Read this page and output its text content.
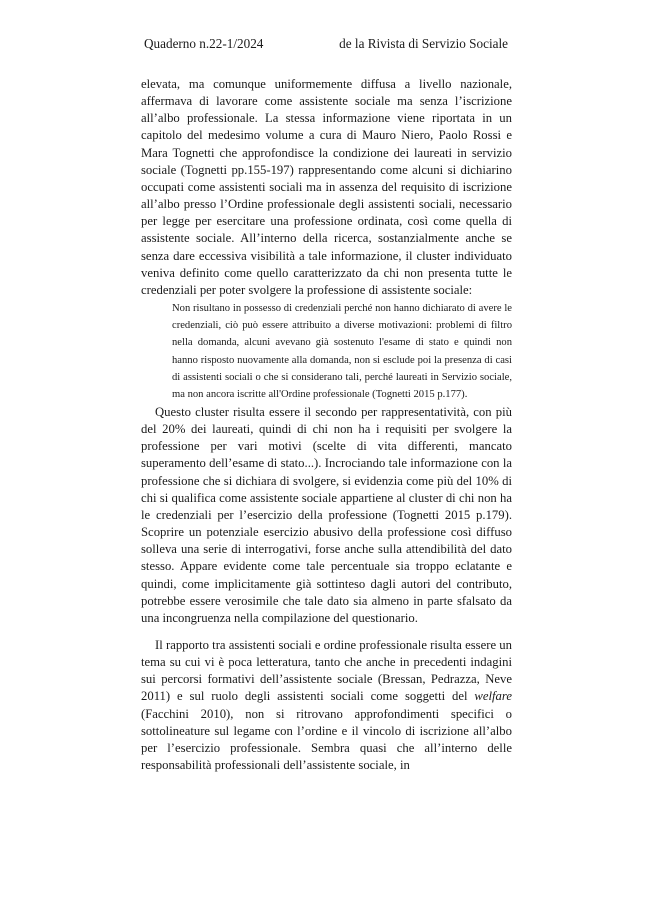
Quaderno n.22-1/2024	de la Rivista di Servizio Sociale

elevata, ma comunque uniformemente diffusa a livello nazionale, affermava di lavorare come assistente sociale ma senza l’iscrizione all’albo professionale. La stessa informazione viene riportata in un capitolo del medesimo volume a cura di Mauro Niero, Paolo Rossi e Mara Tognetti che approfondisce la condizione dei laureati in servizio sociale (Tognetti pp.155-197) rappresentando come alcuni si dichiarino occupati come assistenti sociali ma in assenza del requisito di iscrizione all’albo presso l’Ordine professionale degli assistenti sociali, necessario per legge per esercitare una professione ordinata, così come quella di assistente sociale. All’interno della ricerca, sostanzialmente anche se senza dare eccessiva visibilità a tale informazione, il cluster individuato veniva definito come quello caratterizzato da chi non presenta tutte le credenziali per poter svolgere la professione di assistente sociale:

Non risultano in possesso di credenziali perché non hanno dichiarato di avere le credenziali, ciò può essere attribuito a diverse motivazioni: problemi di filtro nella domanda, alcuni avevano già sostenuto l'esame di stato e quindi non hanno risposto nuovamente alla domanda, non si esclude poi la presenza di casi di assistenti sociali o che si considerano tali, perché laureati in Servizio sociale, ma non ancora iscritte all'Ordine professionale (Tognetti 2015 p.177).

Questo cluster risulta essere il secondo per rappresentatività, con più del 20% dei laureati, quindi di chi non ha i requisiti per svolgere la professione per vari motivi (scelte di vita differenti, mancato superamento dell’esame di stato...). Incrociando tale informazione con la professione che si dichiara di svolgere, si evidenzia come più del 10% di chi si qualifica come assistente sociale appartiene al cluster di chi non ha le credenziali per l’esercizio della professione (Tognetti 2015 p.179). Scoprire un potenziale esercizio abusivo della professione così diffuso solleva una serie di interrogativi, forse anche sulla attendibilità del dato stesso. Appare evidente come tale percentuale sia troppo eclatante e quindi, come implicitamente già sottinteso dagli autori del contributo, potrebbe essere verosimile che tale dato sia almeno in parte sfalsato da una incongruenza nella compilazione del questionario.

Il rapporto tra assistenti sociali e ordine professionale risulta essere un tema su cui vi è poca letteratura, tanto che anche in precedenti indagini sui percorsi formativi dell’assistente sociale (Bressan, Pedrazza, Neve 2011) e sul ruolo degli assistenti sociali come soggetti del welfare (Facchini 2010), non si ritrovano approfondimenti specifici o sottolineature sul legame con l’ordine e il vincolo di iscrizione all’albo per l’esercizio professionale. Sembra quasi che all’interno delle responsabilità professionali dell’assistente sociale, in
